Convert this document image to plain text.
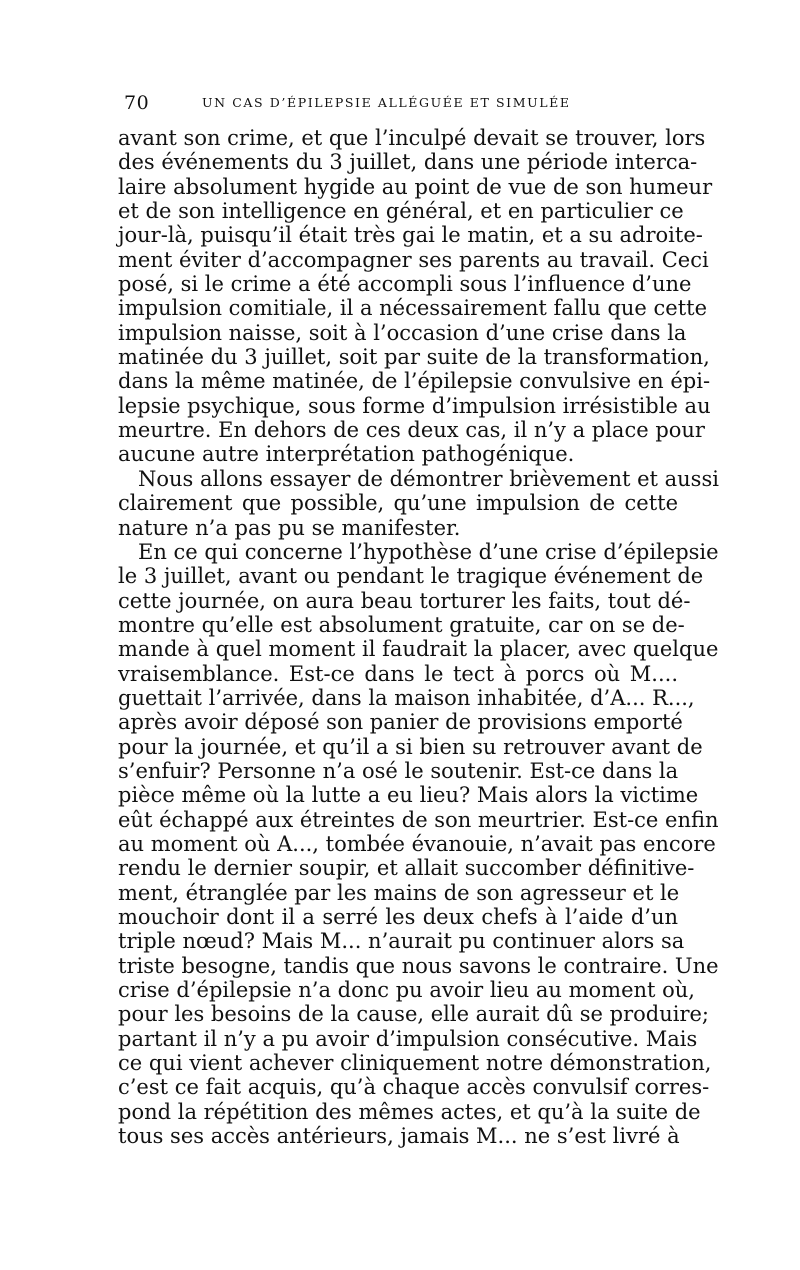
70	UN CAS D’ÉPILEPSIE ALLÉGUÉE ET SIMULÉE
avant son crime, et que l’inculpé devait se trouver, lors
des événements du 3 juillet, dans une période interca-
laire absolument hygide au point de vue de son humeur
et de son intelligence en général, et en particulier ce
jour-là, puisqu’il était très gai le matin, et a su adroite-
ment éviter d’accompagner ses parents au travail. Ceci
posé, si le crime a été accompli sous l’influence d’une
impulsion comitiale, il a nécessairement fallu que cette
impulsion naisse, soit à l’occasion d’une crise dans la
matinée du 3 juillet, soit par suite de la transformation,
dans la même matinée, de l’épilepsie convulsive en épi-
lepsie psychique, sous forme d’impulsion irrésistible au
meurtre. En dehors de ces deux cas, il n’y a place pour
aucune autre interprétation pathogénique.
Nous allons essayer de démontrer brièvement et aussi
clairement que possible, qu’une impulsion de cette
nature n’a pas pu se manifester.
En ce qui concerne l’hypothèse d’une crise d’épilepsie
le 3 juillet, avant ou pendant le tragique événement de
cette journée, on aura beau torturer les faits, tout dé-
montre qu’elle est absolument gratuite, car on se de-
mande à quel moment il faudrait la placer, avec quelque
vraisemblance. Est-ce dans le tect à porcs où M....
guettait l’arrivée, dans la maison inhabitée, d’A... R...,
après avoir déposé son panier de provisions emporté
pour la journée, et qu’il a si bien su retrouver avant de
s’enfuir? Personne n’a osé le soutenir. Est-ce dans la
pièce même où la lutte a eu lieu? Mais alors la victime
eût échappé aux étreintes de son meurtrier. Est-ce enfin
au moment où A..., tombée évanouie, n’avait pas encore
rendu le dernier soupir, et allait succomber définitive-
ment, étranglée par les mains de son agresseur et le
mouchoir dont il a serré les deux chefs à l’aide d’un
triple nœud? Mais M... n’aurait pu continuer alors sa
triste besogne, tandis que nous savons le contraire. Une
crise d’épilepsie n’a donc pu avoir lieu au moment où,
pour les besoins de la cause, elle aurait dû se produire;
partant il n’y a pu avoir d’impulsion consécutive. Mais
ce qui vient achever cliniquement notre démonstration,
c’est ce fait acquis, qu’à chaque accès convulsif corres-
pond la répétition des mêmes actes, et qu’à la suite de
tous ses accès antérieurs, jamais M... ne s’est livré à
